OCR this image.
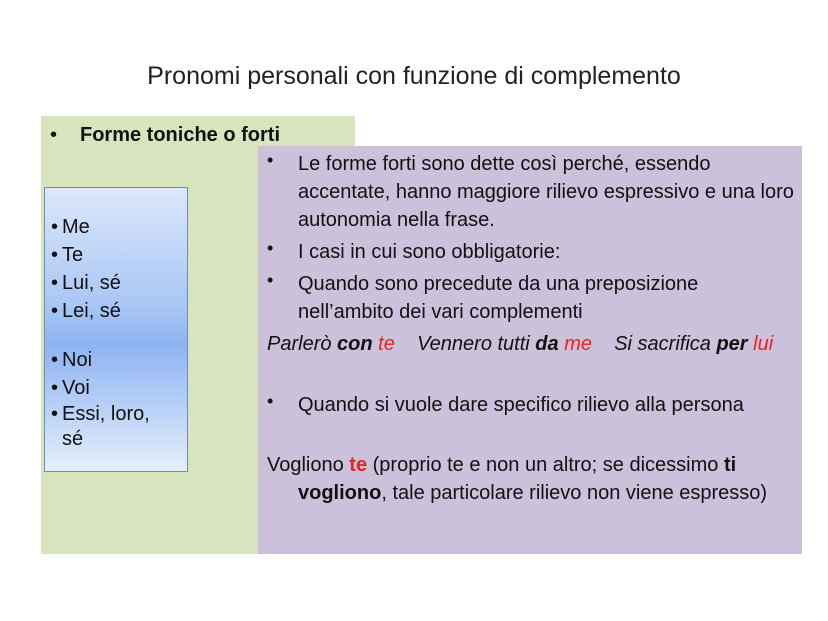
Pronomi personali con funzione di complemento
• Forme toniche o forti
• Me
• Te
• Lui, sé
• Lei, sé
• Noi
• Voi
• Essi, loro,
sé
• Le forme forti sono dette così perché, essendo accentate, hanno maggiore rilievo espressivo e una loro autonomia nella frase.
• I casi in cui sono obbligatorie:
• Quando sono precedute da una preposizione nell’ambito dei vari complementi
Parlerò con te    Vennero tutti da me    Si sacrifica per lui
• Quando si vuole dare specifico rilievo alla persona
Vogliono te (proprio te e non un altro; se dicessimo ti vogliono, tale particolare rilievo non viene espresso)
